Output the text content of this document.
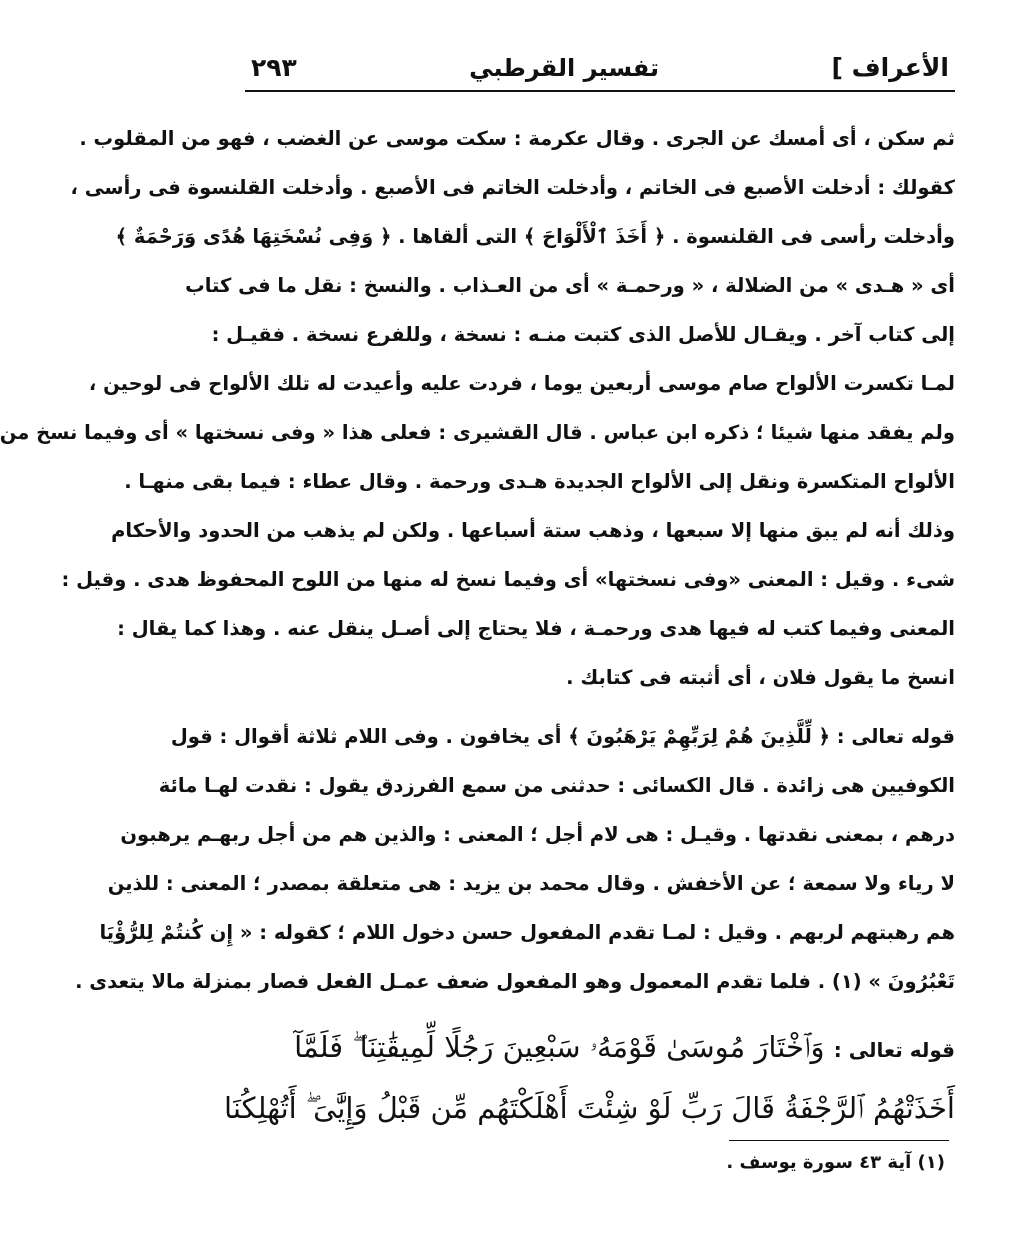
الأعراف ]
تفسير القرطبي
٢٩٣
ثم سكن ، أى أمسك عن الجرى . وقال عكرمة : سكت موسى عن الغضب ، فهو من المقلوب .
كقولك : أدخلت الأصبع فى الخاتم ، وأدخلت الخاتم فى الأصبع . وأدخلت القلنسوة فى رأسى ،
وأدخلت رأسى فى القلنسوة . ﴿ أَخَذَ ٱلْأَلْوَاحَ ﴾ التى ألقاها . ﴿ وَفِى نُسْخَتِهَا هُدًى وَرَحْمَةٌ ﴾
أى « هـدى » من الضلالة ، « ورحمـة » أى من العـذاب . والنسخ : نقل ما فى كتاب
إلى كتاب آخر . ويقـال للأصل الذى كتبت منـه : نسخة ، وللفرع نسخة . فقيـل :
لمـا تكسرت الألواح صام موسى أربعين يوما ، فردت عليه وأعيدت له تلك الألواح فى لوحين ،
ولم يفقد منها شيئا ؛ ذكره ابن عباس . قال القشيرى : فعلى هذا « وفى نسختها » أى وفيما نسخ من
الألواح المتكسرة ونقل إلى الألواح الجديدة هـدى ورحمة . وقال عطاء : فيما بقى منهـا .
وذلك أنه لم يبق منها إلا سبعها ، وذهب ستة أسباعها . ولكن لم يذهب من الحدود والأحكام
شىء . وقيل : المعنى «وفى نسختها» أى وفيما نسخ له منها من اللوح المحفوظ هدى . وقيل :
المعنى وفيما كتب له فيها هدى ورحمـة ، فلا يحتاج إلى أصـل ينقل عنه . وهذا كما يقال :
انسخ ما يقول فلان ، أى أثبته فى كتابك .
قوله تعالى : ﴿ لِّلَّذِينَ هُمْ لِرَبِّهِمْ يَرْهَبُونَ ﴾ أى يخافون . وفى اللام ثلاثة أقوال : قول
الكوفيين هى زائدة . قال الكسائى : حدثنى من سمع الفرزدق يقول : نقدت لهـا مائة
درهم ، بمعنى نقدتها . وقيـل : هى لام أجل ؛ المعنى : والذين هم من أجل ربهـم يرهبون
لا رياء ولا سمعة ؛ عن الأخفش . وقال محمد بن يزيد : هى متعلقة بمصدر ؛ المعنى : للذين
هم رهبتهم لربهم . وقيل : لمـا تقدم المفعول حسن دخول اللام ؛ كقوله : « إِن كُنتُمْ لِلرُّؤْيَا
تَعْبُرُونَ » (١) . فلما تقدم المعمول وهو المفعول ضعف عمـل الفعل فصار بمنزلة مالا يتعدى .
قوله تعالى : وَٱخْتَارَ مُوسَىٰ قَوْمَهُۥ سَبْعِينَ رَجُلًا لِّمِيقَٰتِنَا ۖ فَلَمَّآ
أَخَذَتْهُمُ ٱلرَّجْفَةُ قَالَ رَبِّ لَوْ شِئْتَ أَهْلَكْتَهُم مِّن قَبْلُ وَإِيَّٰىَ ۖ أَتُهْلِكُنَا
(١) آية ٤٣ سورة يوسف .
